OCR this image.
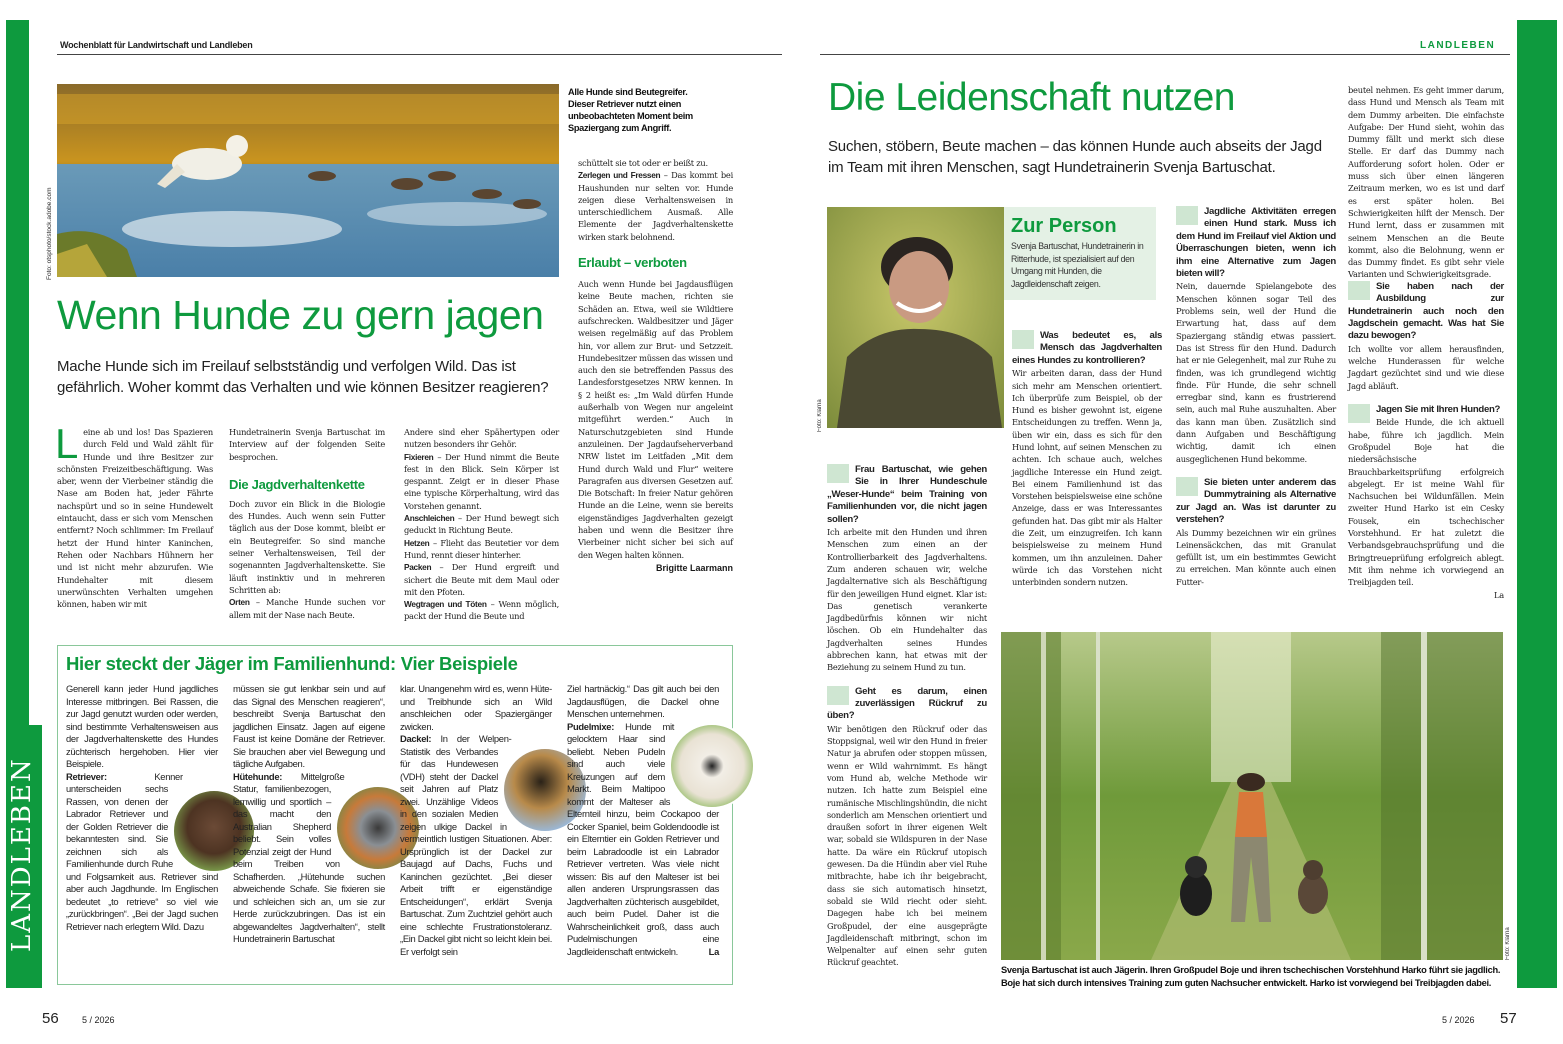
LANDLEBEN
Wochenblatt für Landwirtschaft und Landleben
Foto: otsphoto/stock.adobe.com
Alle Hunde sind Beutegreifer. Dieser Retriever nutzt einen unbeobachteten Moment beim Spaziergang zum Angriff.
Wenn Hunde zu gern jagen
Mache Hunde sich im Freilauf selbstständig und verfolgen Wild. Das ist gefährlich. Woher kommt das Verhalten und wie können Besitzer reagieren?
L eine ab und los! Das Spazieren durch Feld und Wald zählt für Hunde und ihre Besitzer zur schönsten Freizeitbeschäftigung. Was aber, wenn der Vierbeiner ständig die Nase am Boden hat, jeder Fährte nachspürt und so in seine Hundewelt eintaucht, dass er sich vom Menschen entfernt? Noch schlimmer: Im Freilauf hetzt der Hund hinter Kaninchen, Rehen oder Nachbars Hühnern her und ist nicht mehr abzurufen. Wie Hundehalter mit diesem unerwünschten Verhalten umgehen können, haben wir mit

Hundetrainerin Svenja Bartuschat im Interview auf der folgenden Seite besprochen.

Die Jagdverhaltenkette

Doch zuvor ein Blick in die Biologie des Hundes. Auch wenn sein Futter täglich aus der Dose kommt, bleibt er ein Beutegreifer. So sind manche seiner Verhaltensweisen, Teil der sogenannten Jagdverhaltenskette. Sie läuft instinktiv und in mehreren Schritten ab:

Orten – Manche Hunde suchen vor allem mit der Nase nach Beute.

Andere sind eher Spähertypen oder nutzen besonders ihr Gehör.

Fixieren – Der Hund nimmt die Beute fest in den Blick. Sein Körper ist gespannt. Zeigt er in dieser Phase eine typische Körperhaltung, wird das Vorstehen genannt.

Anschleichen – Der Hund bewegt sich geduckt in Richtung Beute.

Hetzen – Flieht das Beutetier vor dem Hund, rennt dieser hinterher.

Packen – Der Hund ergreift und sichert die Beute mit dem Maul oder mit den Pfoten.

Wegtragen und Töten – Wenn möglich, packt der Hund die Beute und

schüttelt sie tot oder er beißt zu.

Zerlegen und Fressen – Das kommt bei Haushunden nur selten vor. Hunde zeigen diese Verhaltensweisen in unterschiedlichem Ausmaß. Alle Elemente der Jagdverhaltenskette wirken stark belohnend.

Erlaubt – verboten

Auch wenn Hunde bei Jagdausflügen keine Beute machen, richten sie Schäden an. Etwa, weil sie Wildtiere aufschrecken. Waldbesitzer und Jäger weisen regelmäßig auf das Problem hin, vor allem zur Brut- und Setzzeit. Hundebesitzer müssen das wissen und auch den sie betreffenden Passus des Landesforstgesetzes NRW kennen. In § 2 heißt es: „Im Wald dürfen Hunde außerhalb von Wegen nur angeleint mitgeführt werden.“ Auch in Naturschutzgebieten sind Hunde anzuleinen. Der Jagdaufseherverband NRW listet im Leitfaden „Mit dem Hund durch Wald und Flur“ weitere Paragrafen aus diversen Gesetzen auf. Die Botschaft: In freier Natur gehören Hunde an die Leine, wenn sie bereits eigenständiges Jagdverhalten gezeigt haben und wenn die Besitzer ihre Vierbeiner nicht sicher bei sich auf den Wegen halten können.

Brigitte Laarmann
Hier steckt der Jäger im Familienhund: Vier Beispiele

Generell kann jeder Hund jagdliches Interesse mitbringen. Bei Rassen, die zur Jagd genutzt wurden oder werden, sind bestimmte Verhaltensweisen aus der Jagdverhaltenskette des Hundes züchterisch hergehoben. Hier vier Beispiele.

Retriever: Kenner unterscheiden sechs Rassen, von denen der Labrador Retriever und der Golden Retriever die bekanntesten sind. Sie zeichnen sich als Familienhunde durch Ruhe und Folgsamkeit aus. Retriever sind aber auch Jagdhunde. Im Englischen bedeutet „to retrieve“ so viel wie „zurückbringen“. „Bei der Jagd suchen Retriever nach erlegtem Wild. Dazu

müssen sie gut lenkbar sein und auf das Signal des Menschen reagieren“, beschreibt Svenja Bartuschat den jagdlichen Einsatz. Jagen auf eigene Faust ist keine Domäne der Retriever. Sie brauchen aber viel Bewegung und tägliche Aufgaben.

Hütehunde: Mittelgroße Statur, familienbezogen, lernwillig und sportlich – das macht den Australian Shepherd beliebt. Sein volles Potenzial zeigt der Hund beim Treiben von Schafherden. „Hütehunde suchen abweichende Schafe. Sie fixieren sie und schleichen sich an, um sie zur Herde zurückzubringen. Das ist ein abgewandeltes Jagdverhalten“, stellt Hundetrainerin Bartuschat

klar. Unangenehm wird es, wenn Hüte- und Treibhunde sich an Wild anschleichen oder Spaziergänger zwicken.

Dackel: In der Welpen-Statistik des Verbandes für das Hundewesen (VDH) steht der Dackel seit Jahren auf Platz zwei. Unzählige Videos in den sozialen Medien zeigen ulkige Dackel in vermeintlich lustigen Situationen. Aber: Ursprünglich ist der Dackel zur Baujagd auf Dachs, Fuchs und Kaninchen gezüchtet. „Bei dieser Arbeit trifft er eigenständige Entscheidungen“, erklärt Svenja Bartuschat. Zum Zuchtziel gehört auch eine schlechte Frustrationstoleranz. „Ein Dackel gibt nicht so leicht klein bei. Er verfolgt sein

Ziel hartnäckig.“ Das gilt auch bei den Jagdausflügen, die Dackel ohne Menschen unternehmen.

Pudelmixe: Hunde mit gelocktem Haar sind beliebt. Neben Pudeln sind auch viele Kreuzungen auf dem Markt. Beim Maltipoo kommt der Malteser als Elternteil hinzu, beim Cockapoo der Cocker Spaniel, beim Goldendoodle ist ein Elterntier ein Golden Retriever und beim Labradoodle ist ein Labrador Retriever vertreten. Was viele nicht wissen: Bis auf den Malteser ist bei allen anderen Ursprungsrassen das Jagdverhalten züchterisch ausgebildet, auch beim Pudel. Daher ist die Wahrscheinlichkeit groß, dass auch Pudelmischungen eine Jagdleidenschaft entwickeln.	La

56	5 / 2026
LANDLEBEN
Die Leidenschaft nutzen
Suchen, stöbern, Beute machen – das können Hunde auch abseits der Jagd im Team mit ihren Menschen, sagt Hundetrainerin Svenja Bartuschat.
Foto: Klarna
Zur Person
Svenja Bartuschat, Hundetrainerin in Ritterhude, ist spezialisiert auf den Umgang mit Hunden, die Jagdleidenschaft zeigen.

Was bedeutet es, als Mensch das Jagdverhalten eines Hundes zu kontrollieren?

Wir arbeiten daran, dass der Hund sich mehr am Menschen orientiert. Ich überprüfe zum Beispiel, ob der Hund es bisher gewohnt ist, eigene Entscheidungen zu treffen. Wenn ja, üben wir ein, dass es sich für den Hund lohnt, auf seinen Menschen zu achten. Ich schaue auch, welches jagdliche Interesse ein Hund zeigt. Bei einem Familienhund ist das Vorstehen beispielsweise eine schöne Anzeige, dass er was Interessantes gefunden hat. Das gibt mir als Halter die Zeit, um einzugreifen. Ich kann beispielsweise zu meinem Hund kommen, um ihn anzuleinen. Daher würde ich das Vorstehen nicht unterbinden sondern nutzen.

Frau Bartuschat, wie gehen Sie in Ihrer Hundeschule „Weser-Hunde“ beim Training von Familienhunden vor, die nicht jagen sollen?

Ich arbeite mit den Hunden und ihren Menschen zum einen an der Kontrollierbarkeit des Jagdverhaltens. Zum anderen schauen wir, welche Jagdalternative sich als Beschäftigung für den jeweiligen Hund eignet. Klar ist: Das genetisch verankerte Jagdbedürfnis können wir nicht löschen. Ob ein Hundehalter das Jagdverhalten seines Hundes abbrechen kann, hat etwas mit der Beziehung zu seinem Hund zu tun.

Geht es darum, einen zuverlässigen Rückruf zu üben?

Wir benötigen den Rückruf oder das Stoppsignal, weil wir den Hund in freier Natur ja abrufen oder stoppen müssen, wenn er Wild wahrnimmt. Es hängt vom Hund ab, welche Methode wir nutzen. Ich hatte zum Beispiel eine rumänische Mischlingshündin, die nicht sonderlich am Menschen orientiert und draußen sofort in ihrer eigenen Welt war, sobald sie Wildspuren in der Nase hatte. Da wäre ein Rückruf utopisch gewesen. Da die Hündin aber viel Ruhe mitbrachte, habe ich ihr beigebracht, dass sie sich automatisch hinsetzt, sobald sie Wild riecht oder sieht. Dagegen habe ich bei meinem Großpudel, der eine ausgeprägte Jagdleidenschaft mitbringt, schon im Welpenalter auf einen sehr guten Rückruf geachtet.

Jagdliche Aktivitäten erregen einen Hund stark. Muss ich dem Hund im Freilauf viel Aktion und Überraschungen bieten, wenn ich ihm eine Alternative zum Jagen bieten will?

Nein, dauernde Spielangebote des Menschen können sogar Teil des Problems sein, weil der Hund die Erwartung hat, dass auf dem Spaziergang ständig etwas passiert. Das ist Stress für den Hund. Dadurch hat er nie Gelegenheit, mal zur Ruhe zu finden, was ich grundlegend wichtig finde. Für Hunde, die sehr schnell erregbar sind, kann es frustrierend sein, auch mal Ruhe auszuhalten. Aber das kann man üben. Zusätzlich sind dann Aufgaben und Beschäftigung wichtig, damit ich einen ausgeglichenen Hund bekomme.

Sie bieten unter anderem das Dummytraining als Alternative zur Jagd an. Was ist darunter zu verstehen?

Als Dummy bezeichnen wir ein grünes Leinensäckchen, das mit Granulat gefüllt ist, um ein bestimmtes Gewicht zu erreichen. Man könnte auch einen Futter-

beutel nehmen. Es geht immer darum, dass Hund und Mensch als Team mit dem Dummy arbeiten. Die einfachste Aufgabe: Der Hund sieht, wohin das Dummy fällt und merkt sich diese Stelle. Er darf das Dummy nach Aufforderung sofort holen. Oder er muss sich über einen längeren Zeitraum merken, wo es ist und darf es erst später holen. Bei Schwierigkeiten hilft der Mensch. Der Hund lernt, dass er zusammen mit seinem Menschen an die Beute kommt, also die Belohnung, wenn er das Dummy findet. Es gibt sehr viele Varianten und Schwierigkeitsgrade.

Sie haben nach der Ausbildung zur Hundetrainerin auch noch den Jagdschein gemacht. Was hat Sie dazu bewogen?

Ich wollte vor allem herausfinden, welche Hunderassen für welche Jagdart gezüchtet sind und wie diese Jagd abläuft.

Jagen Sie mit Ihren Hunden?

Beide Hunde, die ich aktuell habe, führe ich jagdlich. Mein Großpudel Boje hat die niedersächsische Brauchbarkeitsprüfung erfolgreich abgelegt. Er ist meine Wahl für Nachsuchen bei Wildunfällen. Mein zweiter Hund Harko ist ein Cesky Fousek, ein tschechischer Vorstehhund. Er hat zuletzt die Verbandsgebrauchsprüfung und die Bringtreueprüfung erfolgreich ablegt. Mit ihm nehme ich vorwiegend an Treibjagden teil.

La
Foto: Klarna
Svenja Bartuschat ist auch Jägerin. Ihren Großpudel Boje und ihren tschechischen Vorstehhund Harko führt sie jagdlich. Boje hat sich durch intensives Training zum guten Nachsucher entwickelt. Harko ist vorwiegend bei Treibjagden dabei.
5 / 2026 57
